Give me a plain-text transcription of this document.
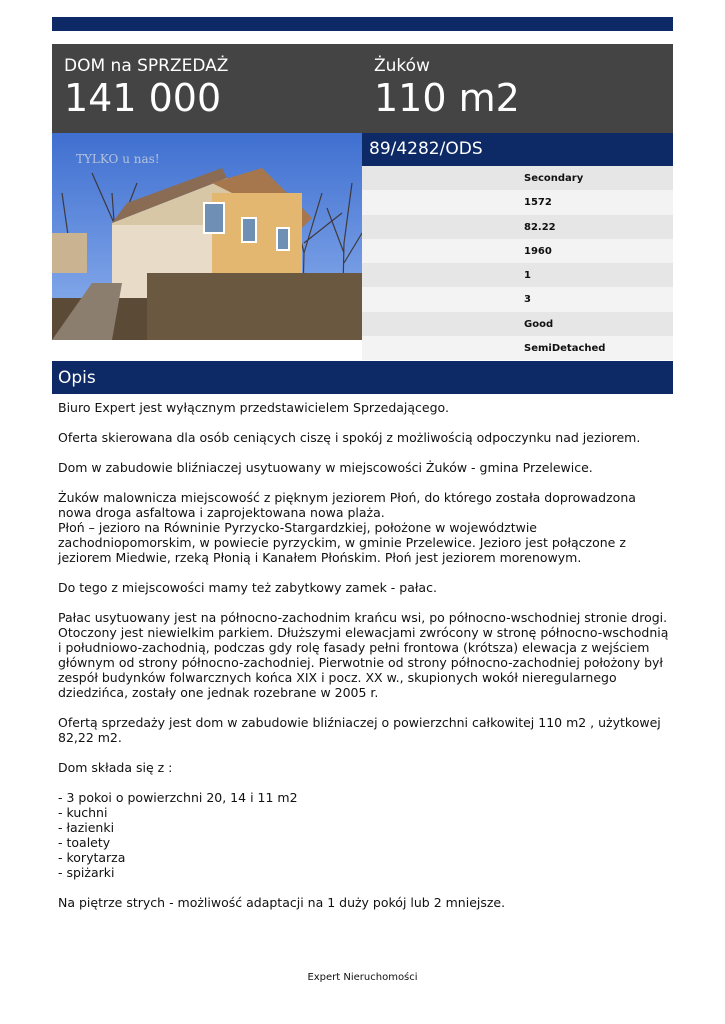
DOM na SPRZEDAŻ
141 000
Żuków
110 m2
TYLKO u nas!	89/4282/ODS
Secondary
1572
82.22
1960
1
3
Good
SemiDetached
Opis

Biuro Expert jest wyłącznym przedstawicielem Sprzedającego.

Oferta skierowana dla osób ceniących ciszę i spokój z możliwością odpoczynku nad jeziorem.

Dom w zabudowie bliźniaczej usytuowany w miejscowości Żuków - gmina Przelewice.

Żuków malownicza miejscowość z pięknym jeziorem Płoń, do którego została doprowadzona nowa droga asfaltowa i zaprojektowana nowa plaża.

Płoń – jezioro na Równinie Pyrzycko-Stargardzkiej, położone w województwie zachodniopomorskim, w powiecie pyrzyckim, w gminie Przelewice. Jezioro jest połączone z jeziorem Miedwie, rzeką Płonią i Kanałem Płońskim. Płoń jest jeziorem morenowym.

Do tego z miejscowości mamy też zabytkowy zamek - pałac.

Pałac usytuowany jest na północno-zachodnim krańcu wsi, po północno-wschodniej stronie drogi. Otoczony jest niewielkim parkiem. Dłuższymi elewacjami zwrócony w stronę północno-wschodnią i południowo-zachodnią, podczas gdy rolę fasady pełni frontowa (krótsza) elewacja z wejściem głównym od strony północno-zachodniej. Pierwotnie od strony północno-zachodniej położony był zespół budynków folwarcznych końca XIX i pocz. XX w., skupionych wokół nieregularnego dziedzińca, zostały one jednak rozebrane w 2005 r.

Ofertą sprzedaży jest dom w zabudowie bliźniaczej o powierzchni całkowitej 110 m2 , użytkowej 82,22 m2.

Dom składa się z :

- 3 pokoi o powierzchni 20, 14 i 11 m2
- kuchni
- łazienki
- toalety
- korytarza
- spiżarki

Na piętrze strych - możliwość adaptacji na 1 duży pokój lub 2 mniejsze.

Expert Nieruchomości
